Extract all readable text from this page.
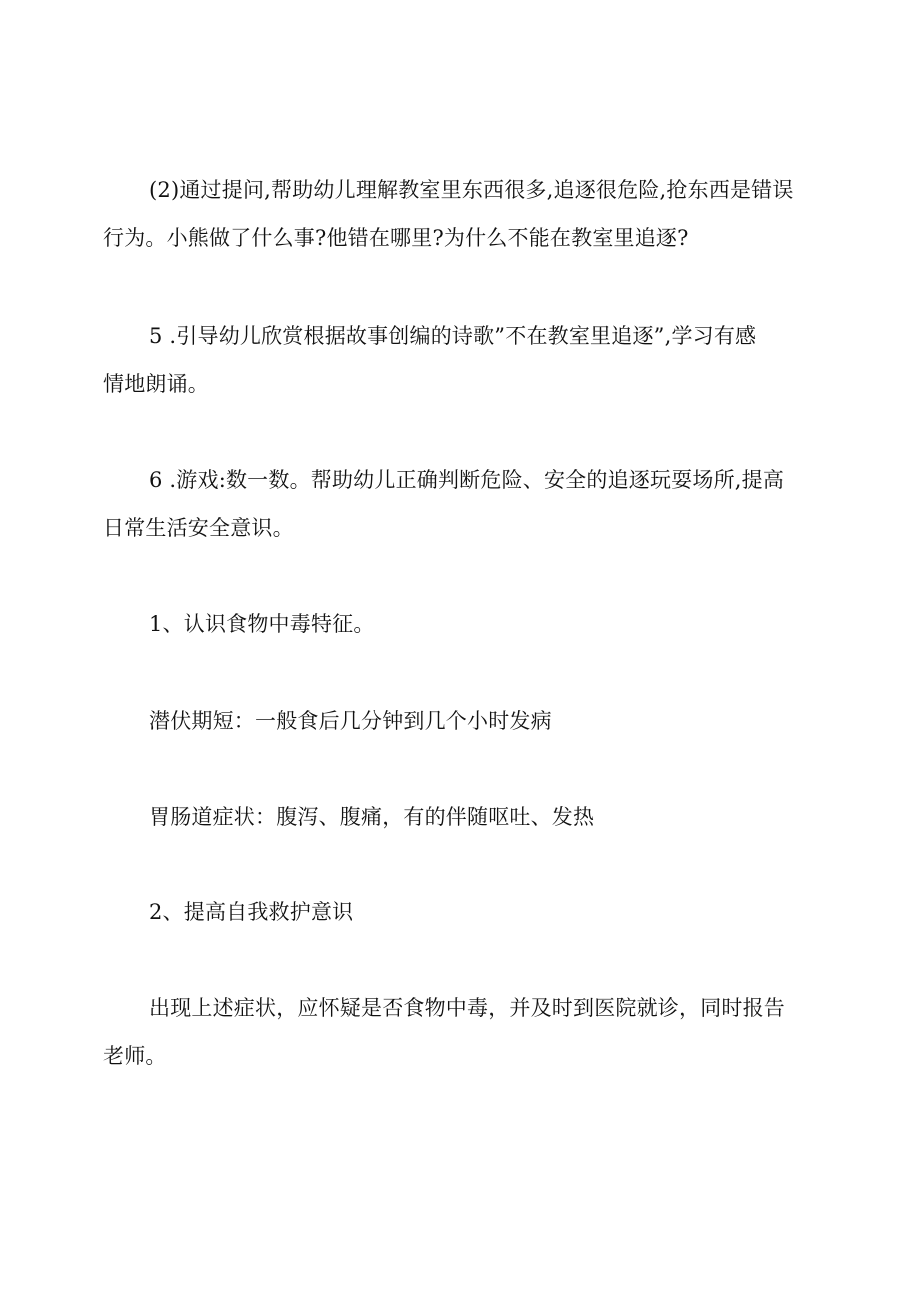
(2)通过提问,帮助幼儿理解教室里东西很多,追逐很危险,抢东西是错误
行为。小熊做了什么事?他错在哪里?为什么不能在教室里追逐?

5 .引导幼儿欣赏根据故事创编的诗歌”不在教室里追逐”,学习有感
情地朗诵。

6 .游戏:数一数。帮助幼儿正确判断危险、安全的追逐玩耍场所,提高
日常生活安全意识。

1、认识食物中毒特征。

潜伏期短：一般食后几分钟到几个小时发病

胃肠道症状：腹泻、腹痛，有的伴随呕吐、发热

2、提高自我救护意识

出现上述症状，应怀疑是否食物中毒，并及时到医院就诊，同时报告
老师。
